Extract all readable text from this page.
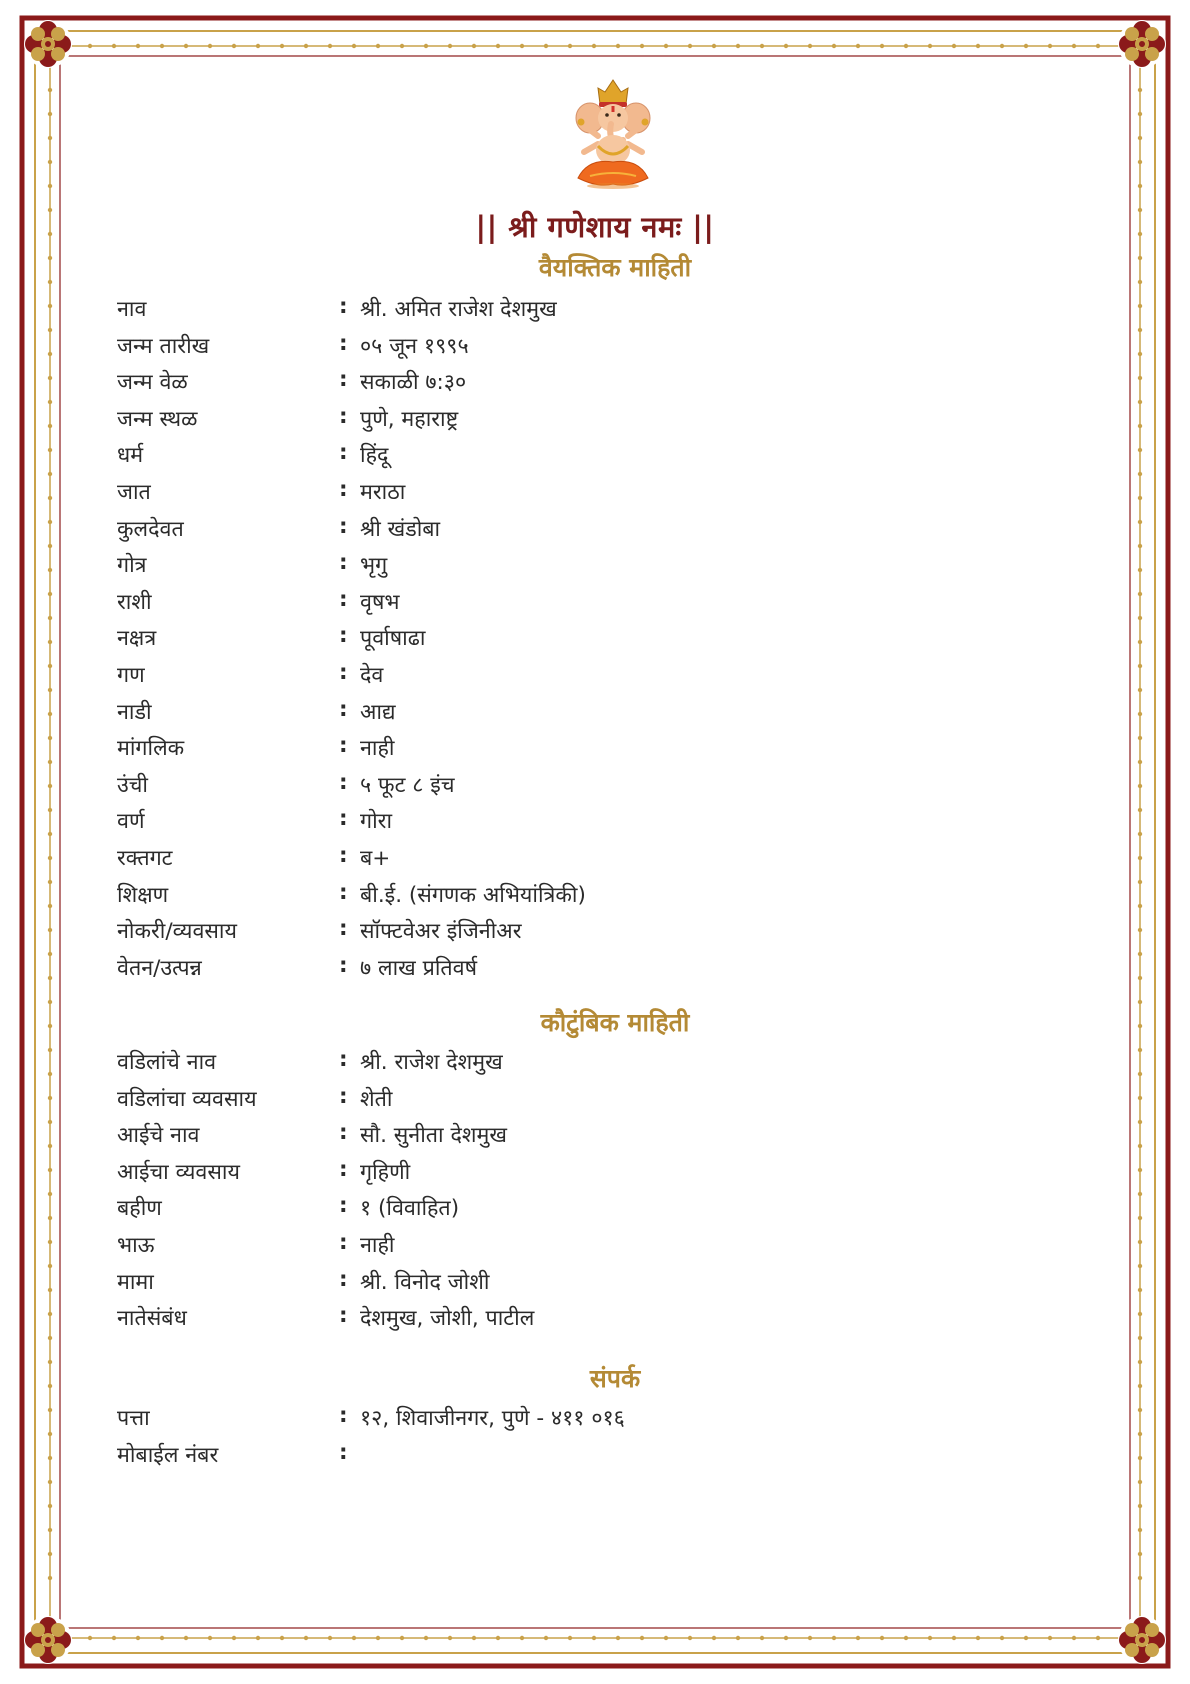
|| श्री गणेशाय नमः ||
वैयक्तिक माहिती
नाव	: श्री. अमित राजेश देशमुख
जन्म तारीख	: ०५ जून १९९५
जन्म वेळ	: सकाळी ७:३०
जन्म स्थळ	: पुणे, महाराष्ट्र
धर्म	: हिंदू
जात	: मराठा
कुलदेवत	: श्री खंडोबा
गोत्र	: भृगु
राशी	: वृषभ
नक्षत्र	: पूर्वाषाढा
गण	: देव
नाडी	: आद्य
मांगलिक	: नाही
उंची	: ५ फूट ८ इंच
वर्ण	: गोरा
रक्तगट	: ब+
शिक्षण	: बी.ई. (संगणक अभियांत्रिकी)
नोकरी/व्यवसाय	: सॉफ्टवेअर इंजिनीअर
वेतन/उत्पन्न	: ७ लाख प्रतिवर्ष
कौटुंबिक माहिती
वडिलांचे नाव	: श्री. राजेश देशमुख
वडिलांचा व्यवसाय	: शेती
आईचे नाव	: सौ. सुनीता देशमुख
आईचा व्यवसाय	: गृहिणी
बहीण	: १ (विवाहित)
भाऊ	: नाही
मामा	: श्री. विनोद जोशी
नातेसंबंध	: देशमुख, जोशी, पाटील
संपर्क
पत्ता	: १२, शिवाजीनगर, पुणे - ४११ ०१६
मोबाईल नंबर	:
